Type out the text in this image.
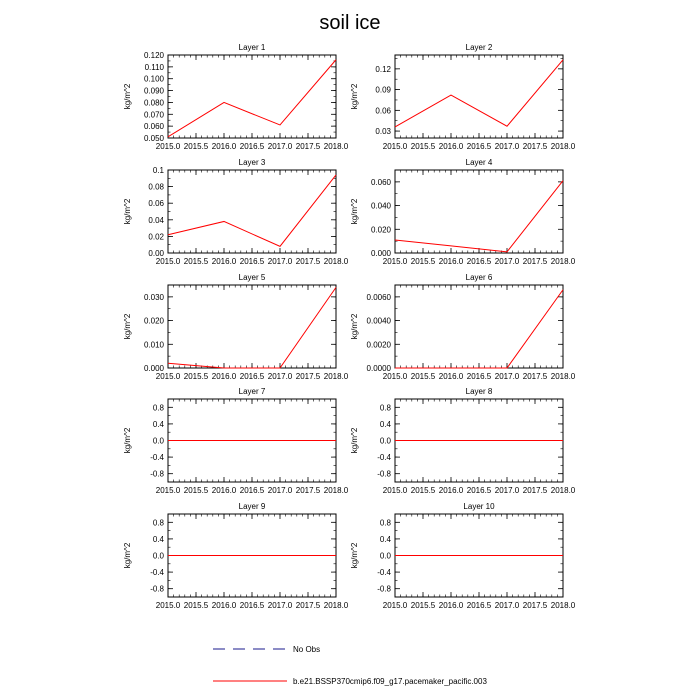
soil ice
Layer 1
2015.0 2015.5 2016.0 2016.5 2017.0 2017.5 2018.0
0.050
0.060
0.070
0.080
0.090
0.100
0.110
0.120
kg/m^2
Layer 2
2015.0 2015.5 2016.0 2016.5 2017.0 2017.5 2018.0
0.03
0.06
0.09
0.12
kg/m^2
Layer 3
2015.0 2015.5 2016.0 2016.5 2017.0 2017.5 2018.0
0.00
0.02
0.04
0.06
0.08
0.1
kg/m^2
Layer 4
2015.0 2015.5 2016.0 2016.5 2017.0 2017.5 2018.0
0.000
0.020
0.040
0.060
kg/m^2
Layer 5
2015.0 2015.5 2016.0 2016.5 2017.0 2017.5 2018.0
0.000
0.010
0.020
0.030
kg/m^2
Layer 6
2015.0 2015.5 2016.0 2016.5 2017.0 2017.5 2018.0
0.0000
0.0020
0.0040
0.0060
kg/m^2
Layer 7
2015.0 2015.5 2016.0 2016.5 2017.0 2017.5 2018.0
-0.8
-0.4
0.0
0.4
0.8
kg/m^2
Layer 8
2015.0 2015.5 2016.0 2016.5 2017.0 2017.5 2018.0
-0.8
-0.4
0.0
0.4
0.8
kg/m^2
Layer 9
2015.0 2015.5 2016.0 2016.5 2017.0 2017.5 2018.0
-0.8
-0.4
0.0
0.4
0.8
kg/m^2
Layer 10
2015.0 2015.5 2016.0 2016.5 2017.0 2017.5 2018.0
-0.8
-0.4
0.0
0.4
0.8
kg/m^2
No Obs
b.e21.BSSP370cmip6.f09_g17.pacemaker_pacific.003
